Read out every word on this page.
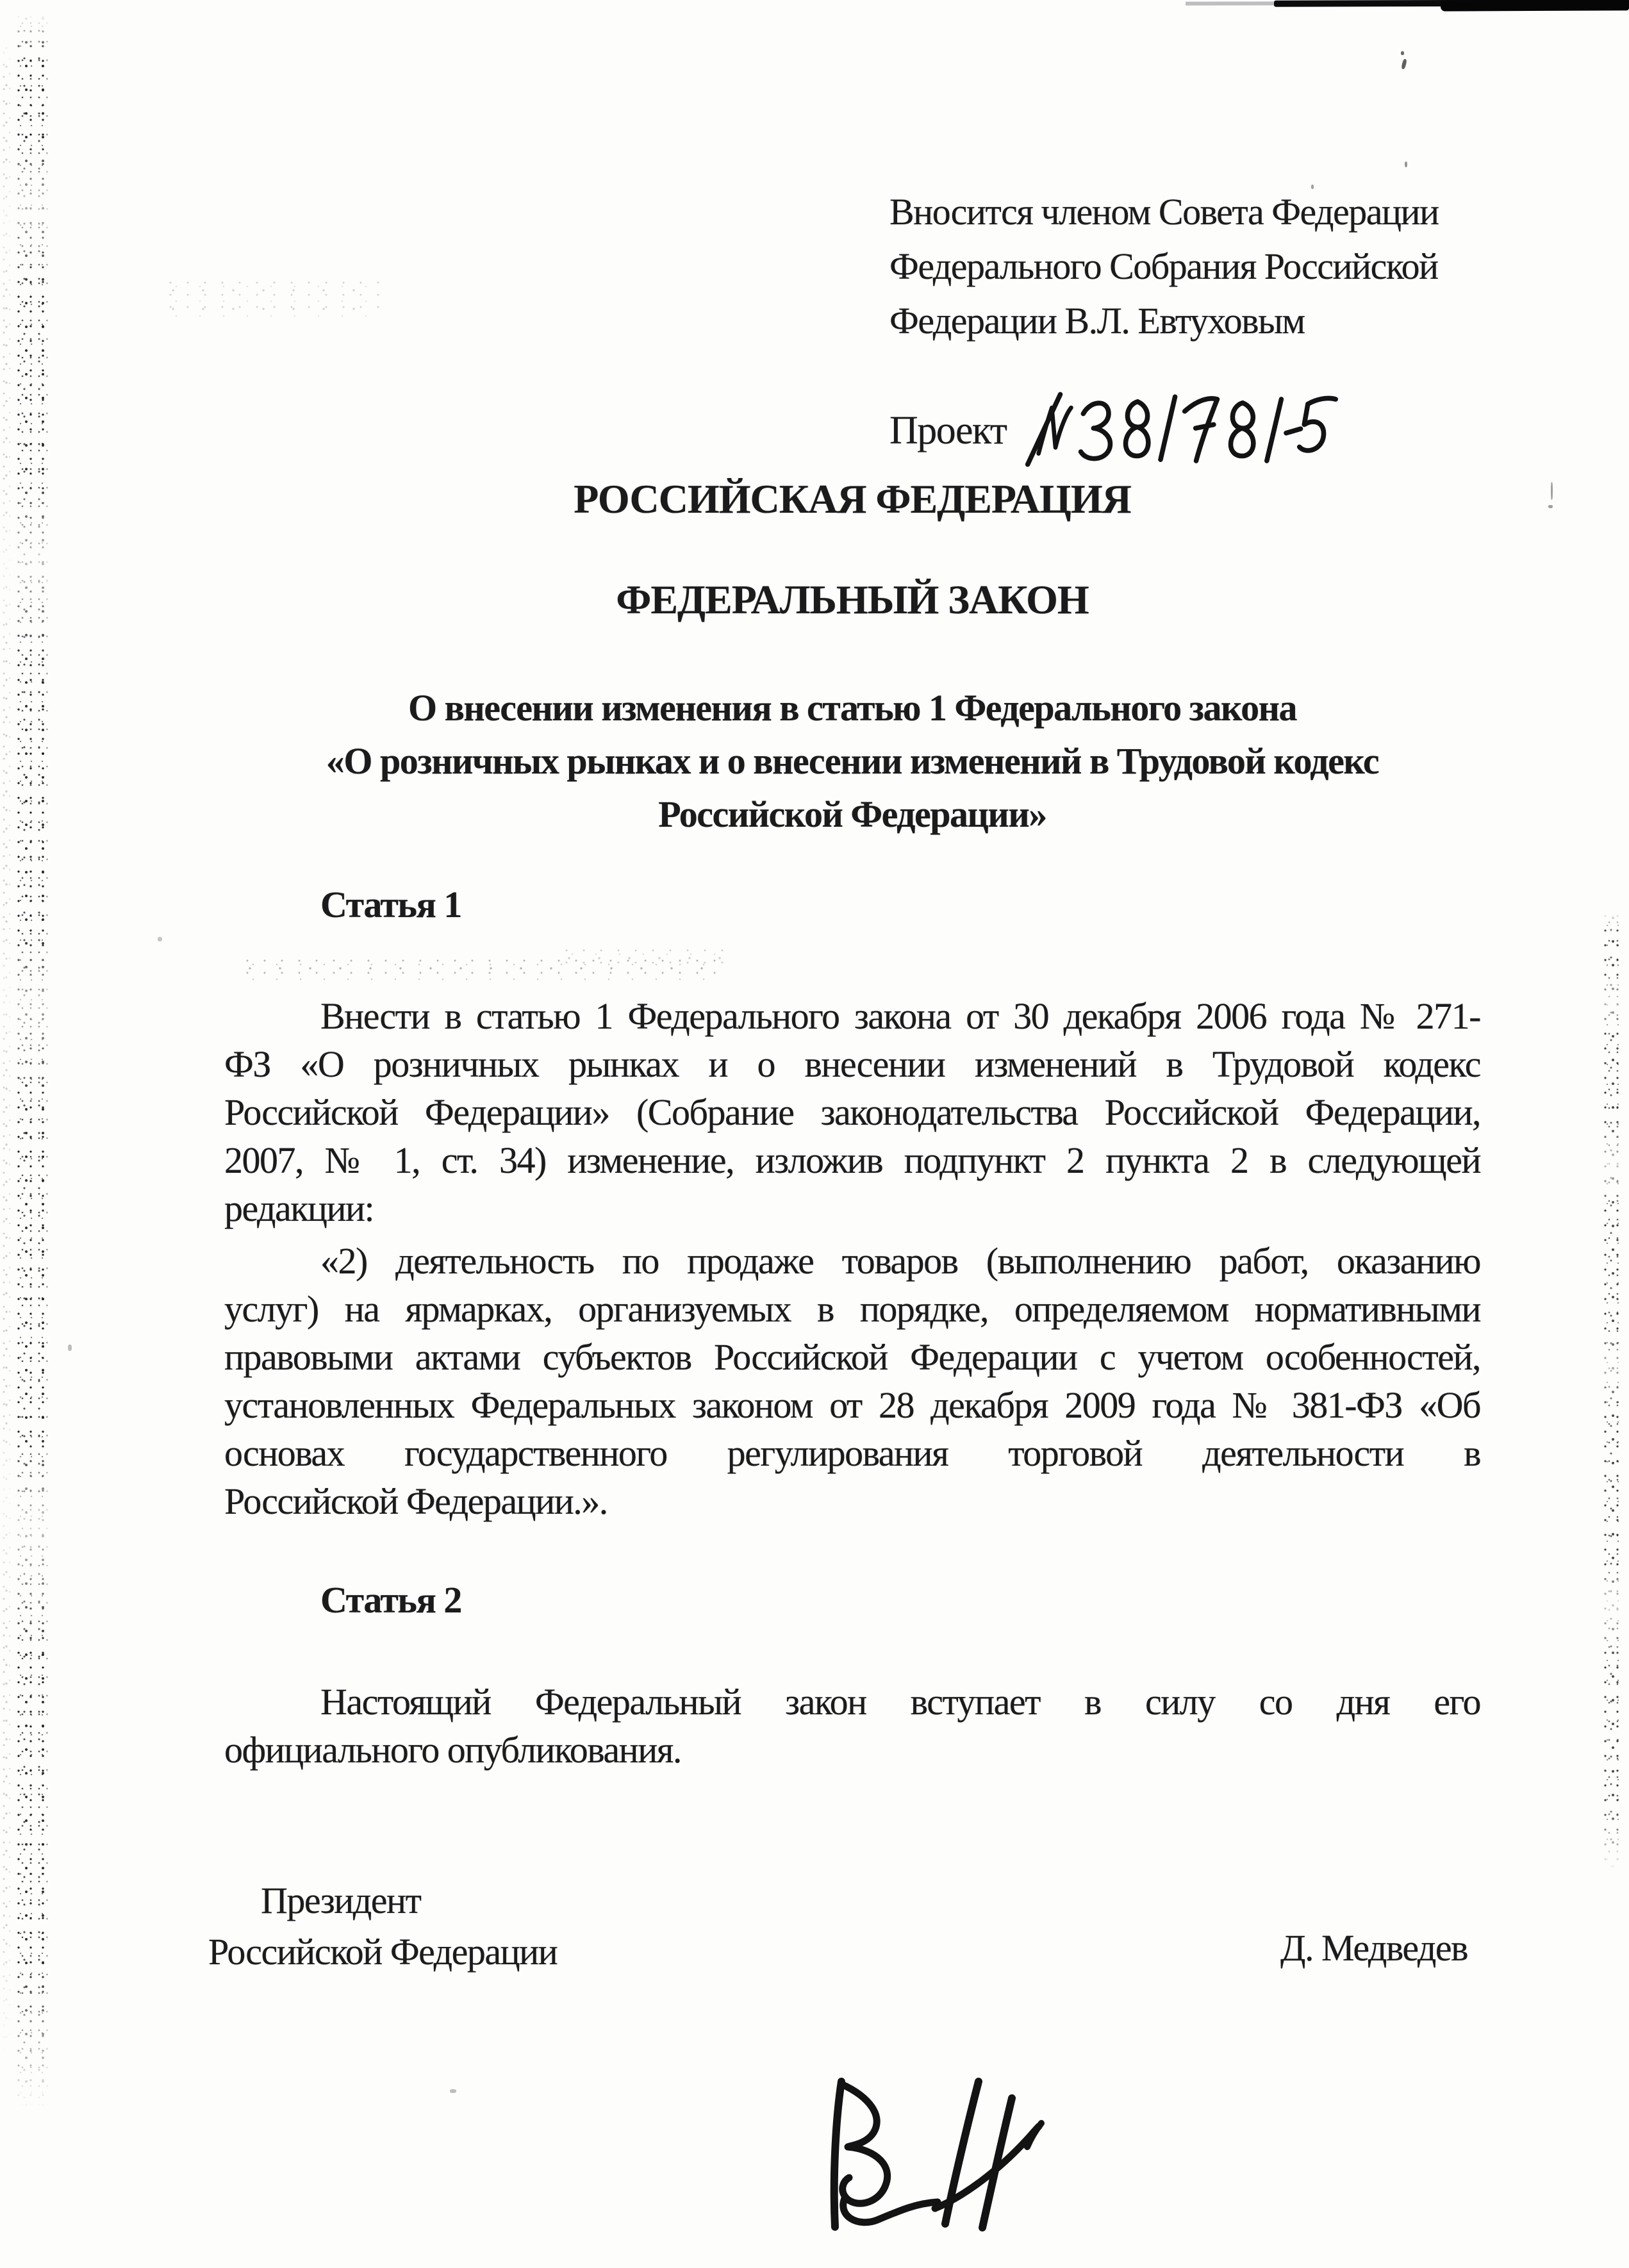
Вносится членом Совета Федерации
Федерального Собрания Российской
Федерации В.Л. Евтуховым
Проект
РОССИЙСКАЯ ФЕДЕРАЦИЯ
ФЕДЕРАЛЬНЫЙ ЗАКОН
О внесении изменения в статью 1 Федерального закона
«О розничных рынках и о внесении изменений в Трудовой кодекс
Российской Федерации»
Статья 1
Внести в статью 1 Федерального закона от 30 декабря 2006 года № 271-
ФЗ «О розничных рынках и о внесении изменений в Трудовой кодекс
Российской Федерации» (Собрание законодательства Российской Федерации,
2007, № 1, ст. 34) изменение, изложив подпункт 2 пункта 2 в следующей
редакции:
«2) деятельность по продаже товаров (выполнению работ, оказанию
услуг) на ярмарках, организуемых в порядке, определяемом нормативными
правовыми актами субъектов Российской Федерации с учетом особенностей,
установленных Федеральных законом от 28 декабря 2009 года № 381-ФЗ «Об
основах государственного регулирования торговой деятельности в
Российской Федерации.».
Статья 2
Настоящий Федеральный закон вступает в силу со дня его
официального опубликования.
Президент
Российской Федерации	Д. Медведев
